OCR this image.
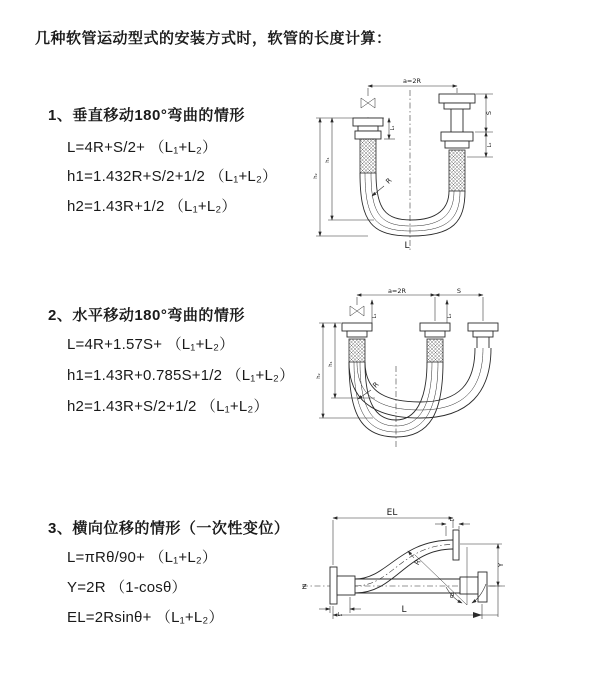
几种软管运动型式的安装方式时，软管的长度计算：
1、垂直移动180°弯曲的情形
L=4R+S/2+ （L₁+L₂）
h1=1.432R+S/2+1/2 （L₁+L₂）
h2=1.43R+1/2 （L₁+L₂）
2、水平移动180°弯曲的情形
L=4R+1.57S+ （L₁+L₂）
h1=1.43R+0.785S+1/2 （L₁+L₂）
h2=1.43R+S/2+1/2 （L₁+L₂）
3、横向位移的情形（一次性变位）
L=πRθ/90+ （L₁+L₂）
Y=2R （1-cosθ）
EL=2Rsinθ+ （L₁+L₂）
a=2R
L₁
S
L₂
h₂
h₁
R
L
a=2R	S
L₁	L₂
h₂
h₁
R
Ƶ
L₁
EL
L₂
Y
L
θ
R
